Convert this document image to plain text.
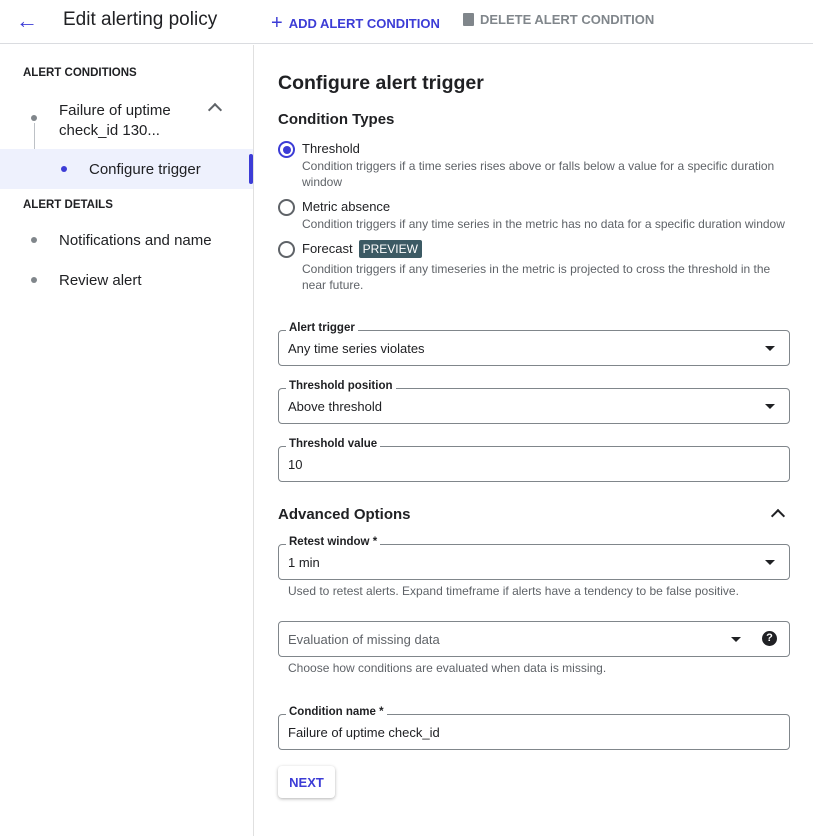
← Edit alerting policy	+ ADD ALERT CONDITION	DELETE ALERT CONDITION
ALERT CONDITIONS
Failure of uptime check_id 130...
Configure trigger
ALERT DETAILS
Notifications and name
Review alert
Configure alert trigger
Condition Types
Threshold
Condition triggers if a time series rises above or falls below a value for a specific duration window
Metric absence
Condition triggers if any time series in the metric has no data for a specific duration window
Forecast PREVIEW
Condition triggers if any timeseries in the metric is projected to cross the threshold in the near future.
Alert trigger
Any time series violates
Threshold position
Above threshold
Threshold value
10
Advanced Options
Retest window *
1 min
Used to retest alerts. Expand timeframe if alerts have a tendency to be false positive.
Evaluation of missing data	?
Choose how conditions are evaluated when data is missing.
Condition name *
Failure of uptime check_id
NEXT
